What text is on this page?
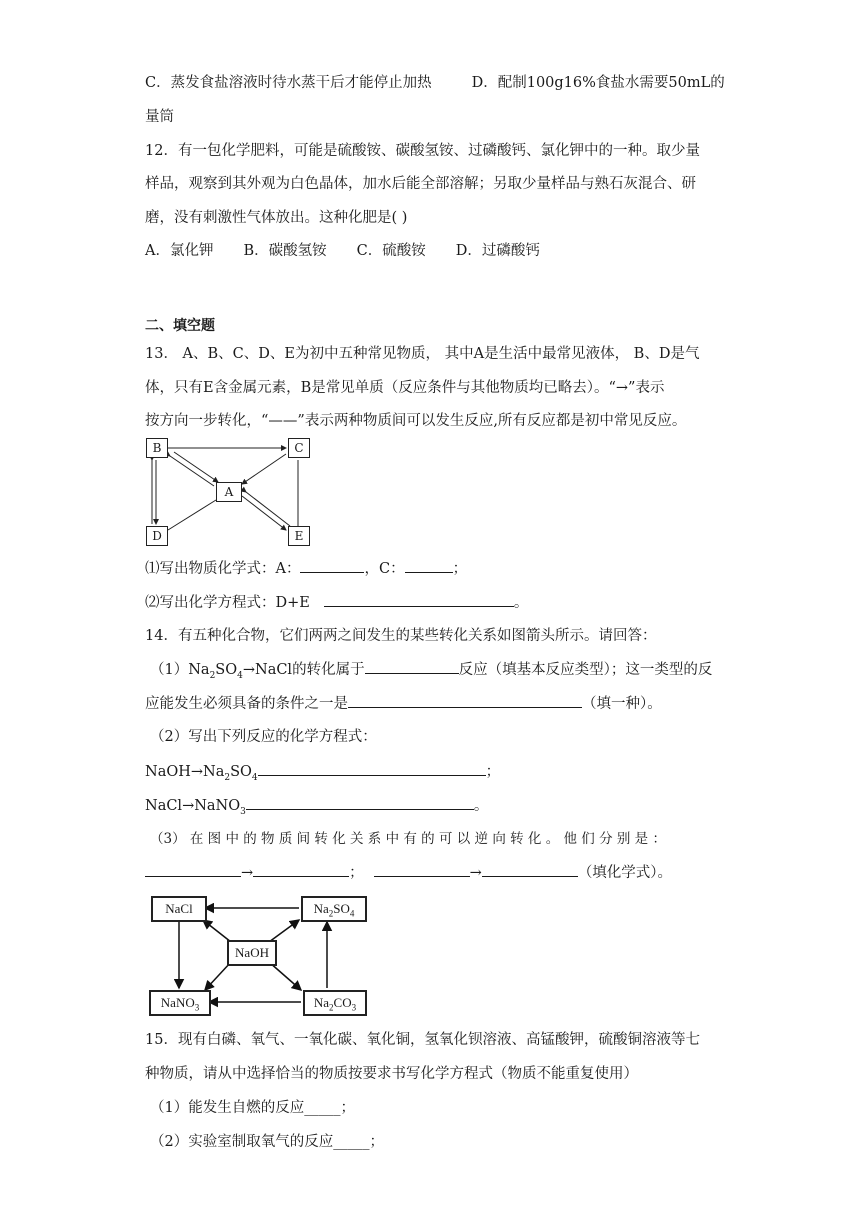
C．蒸发食盐溶液时待水蒸干后才能停止加热	D．配制100g16%食盐水需要50mL的
量筒
12．有一包化学肥料，可能是硫酸铵、碳酸氢铵、过磷酸钙、氯化钾中的一种。取少量
样品，观察到其外观为白色晶体，加水后能全部溶解；另取少量样品与熟石灰混合、研
磨，没有刺激性气体放出。这种化肥是( )
A．氯化钾 B．碳酸氢铵 C．硫酸铵 D．过磷酸钙
二、填空题
13． A、B、C、D、E为初中五种常见物质， 其中A是生活中最常见液体， B、D是气
体，只有E含金属元素，B是常见单质（反应条件与其他物质均已略去）。“→”表示
按方向一步转化，“——”表示两种物质间可以发生反应,所有反应都是初中常见反应。
B	C
A
D	E
⑴写出物质化学式：A：	，C：	；
⑵写出化学方程式：D+E	。
14．有五种化合物，它们两两之间发生的某些转化关系如图箭头所示。请回答：
$(1)Na_2SO_4\to NaCl$的转化属于	反应（填基本反应类型）；这一类型的反
应能发生必须具备的条件之一是	（填一种）。
（2）写出下列反应的化学方程式：
$NaOH\to Na_2SO_4$	；
NaCl→NaNO$_3$	。
（3） 在 图 中 的 物 质 间 转 化 关 系 中 有 的 可 以 逆 向 转 化 。 他 们 分 别 是 ：
→	；	→	（填化学式）。
NaCl	$Na_2SO_4$
NaOH
NaNO$_3$	$Na_2CO_3$
15．现有白磷、氧气、一氧化碳、氧化铜，氢氧化钡溶液、高锰酸钾，硫酸铜溶液等七
种物质，请从中选择恰当的物质按要求书写化学方程式（物质不能重复使用）
（1）能发生自燃的反应_____；
（2）实验室制取氧气的反应_____；
